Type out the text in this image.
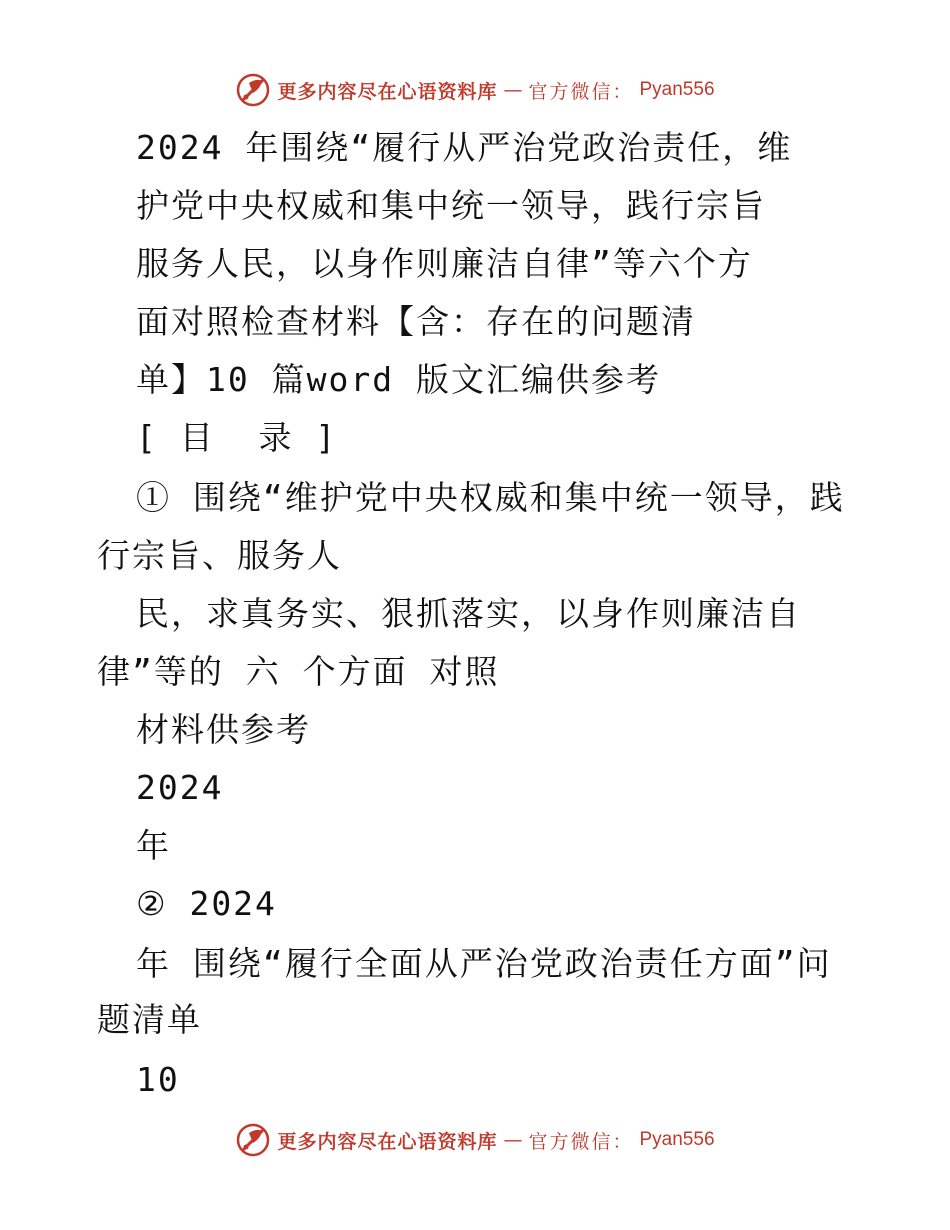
更多内容尽在心语资料库 — 官方微信： Pyan556
2024 年围绕“履行从严治党政治责任，维
护党中央权威和集中统一领导，践行宗旨
服务人民，以身作则廉洁自律”等六个方
面对照检查材料【含：存在的问题清
单】10 篇word 版文汇编供参考
[ 目  录 ]
① 围绕“维护党中央权威和集中统一领导，践
行宗旨、服务人
民，求真务实、狠抓落实，以身作则廉洁自
律”等的 六 个方面 对照
材料供参考
2024
年
② 2024
年 围绕“履行全面从严治党政治责任方面”问
题清单
10
更多内容尽在心语资料库 — 官方微信： Pyan556
